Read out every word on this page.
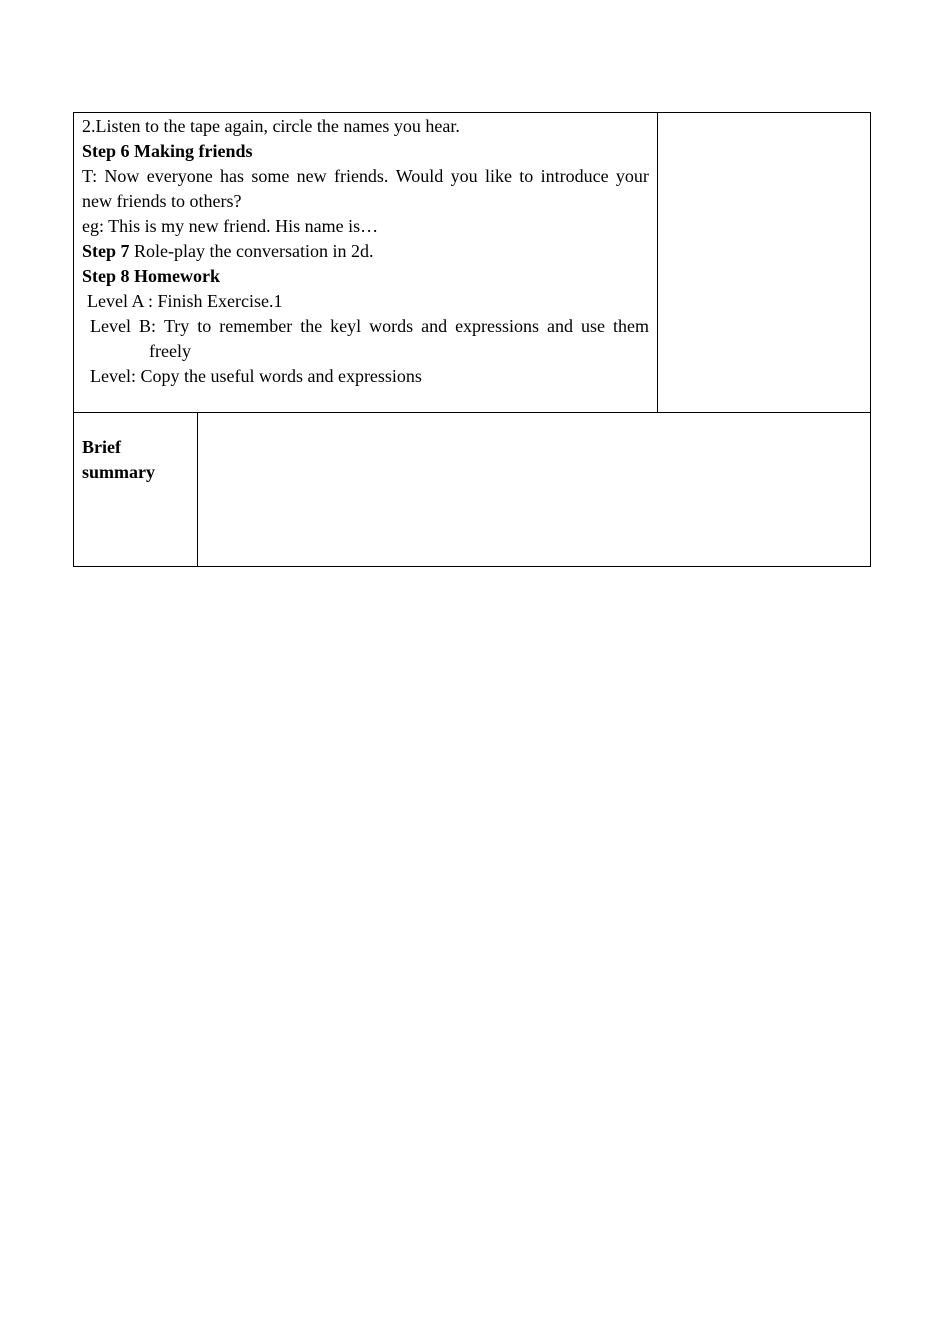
2.Listen to the tape again, circle the names you hear.
Step 6 Making friends
T: Now everyone has some new friends. Would you like to introduce your
new friends to others?
eg: This is my new friend. His name is…
Step 7 Role-play the conversation in 2d.
Step 8 Homework
Level A : Finish Exercise.1
Level B: Try to remember the keyl words and expressions and use them
freely
Level: Copy the useful words and expressions
Brief
summary
